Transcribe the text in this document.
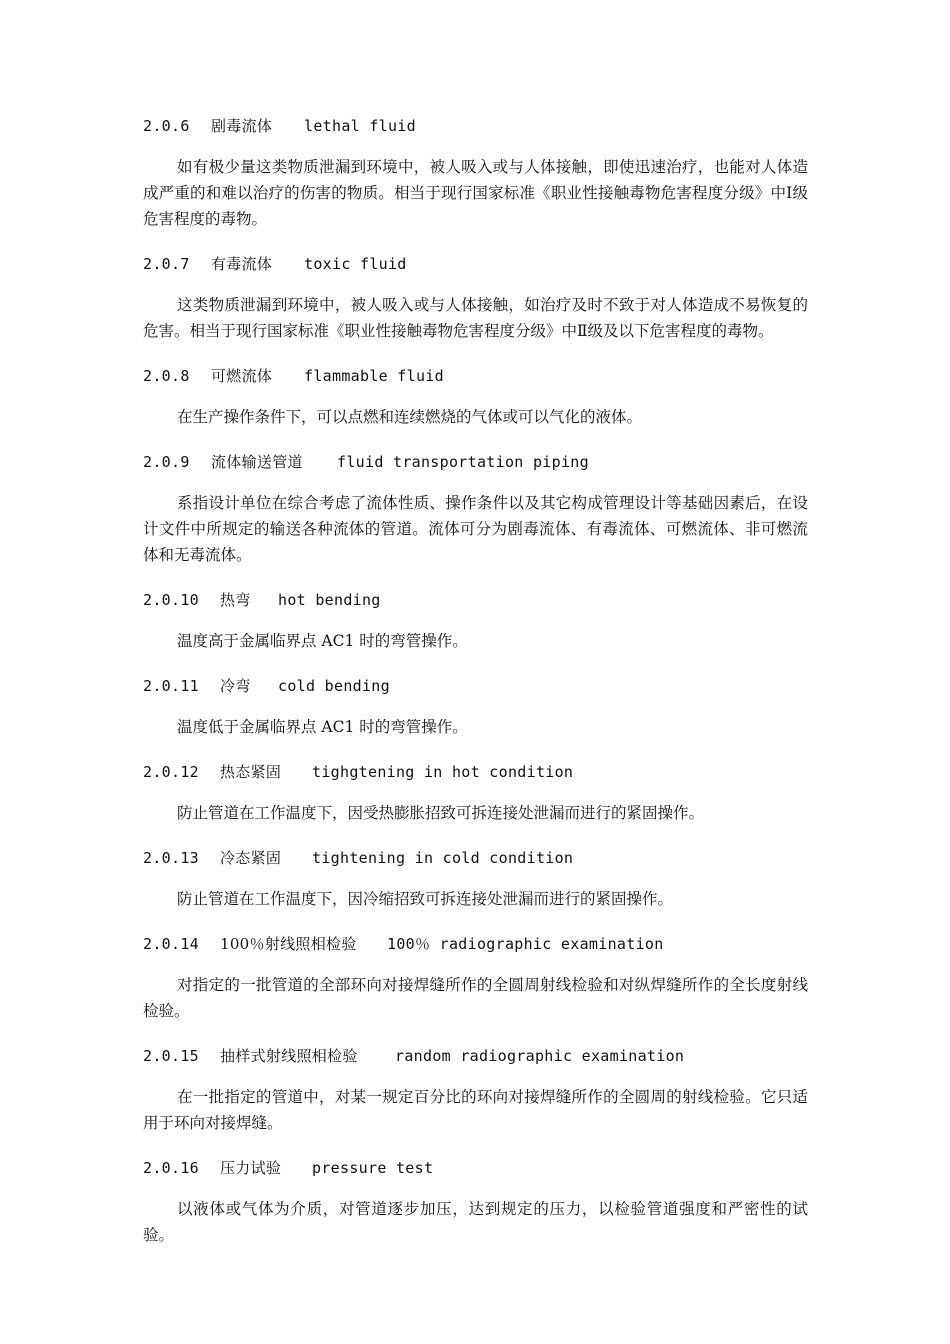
2.0.6 剧毒流体 lethal fluid

如有极少量这类物质泄漏到环境中，被人吸入或与人体接触，即使迅速治疗，也能对人体造成严重的和难以治疗的伤害的物质。相当于现行国家标准《职业性接触毒物危害程度分级》中Ⅰ级危害程度的毒物。

2.0.7 有毒流体 toxic fluid

这类物质泄漏到环境中，被人吸入或与人体接触，如治疗及时不致于对人体造成不易恢复的危害。相当于现行国家标准《职业性接触毒物危害程度分级》中Ⅱ级及以下危害程度的毒物。

2.0.8 可燃流体 flammable fluid

在生产操作条件下，可以点燃和连续燃烧的气体或可以气化的液体。

2.0.9 流体输送管道 fluid transportation piping

系指设计单位在综合考虑了流体性质、操作条件以及其它构成管理设计等基础因素后，在设计文件中所规定的输送各种流体的管道。流体可分为剧毒流体、有毒流体、可燃流体、非可燃流体和无毒流体。

2.0.10 热弯 hot bending

温度高于金属临界点 AC1 时的弯管操作。

2.0.11 冷弯 cold bending

温度低于金属临界点 AC1 时的弯管操作。

2.0.12 热态紧固 tighgtening in hot condition

防止管道在工作温度下，因受热膨胀招致可拆连接处泄漏而进行的紧固操作。

2.0.13 冷态紧固 tightening in cold condition

防止管道在工作温度下，因冷缩招致可拆连接处泄漏而进行的紧固操作。

2.0.14 100％射线照相检验 100％ radiographic examination

对指定的一批管道的全部环向对接焊缝所作的全圆周射线检验和对纵焊缝所作的全长度射线检验。

2.0.15 抽样式射线照相检验 random radiographic examination

在一批指定的管道中，对某一规定百分比的环向对接焊缝所作的全圆周的射线检验。它只适用于环向对接焊缝。

2.0.16 压力试验 pressure test

以液体或气体为介质，对管道逐步加压，达到规定的压力，以检验管道强度和严密性的试验。
